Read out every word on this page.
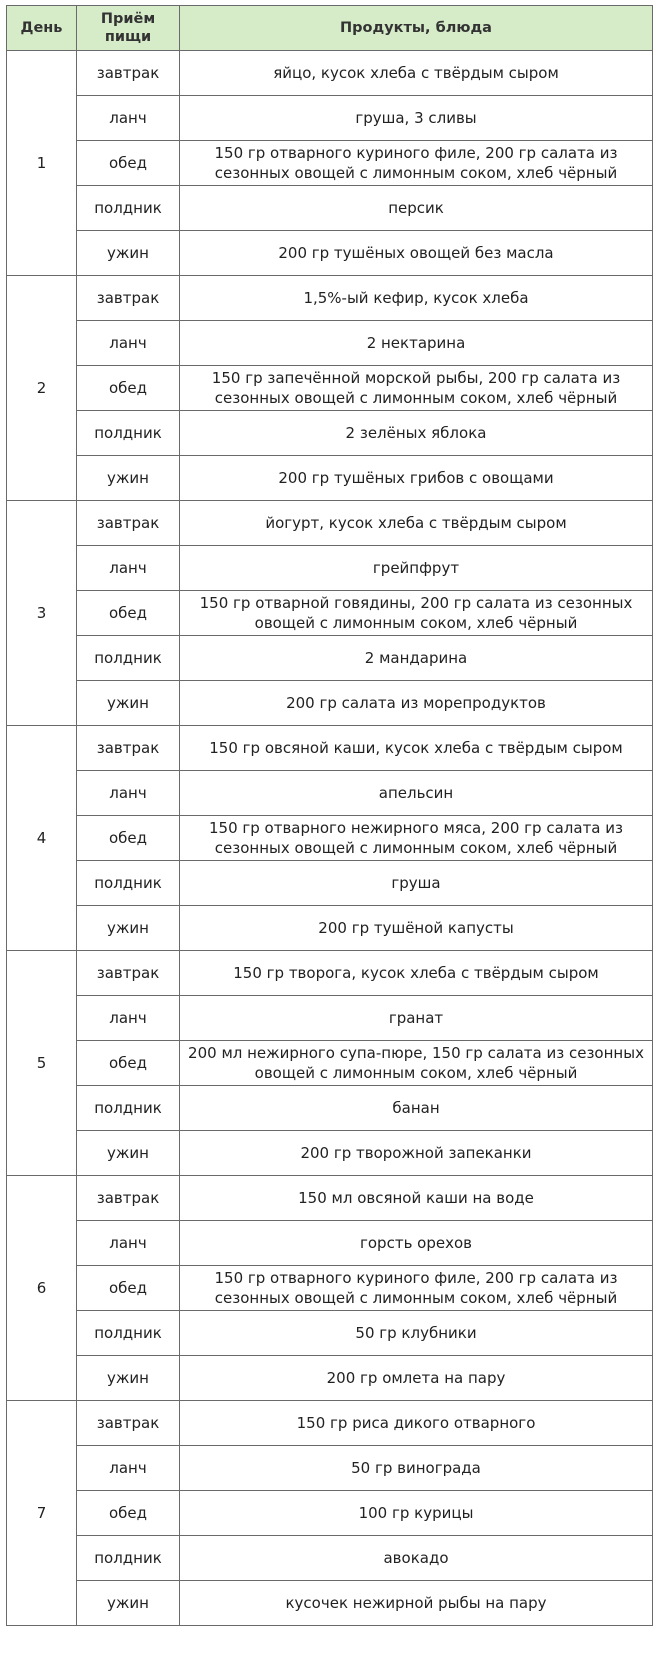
День	Приём пищи	Продукты, блюда
1	завтрак	яйцо, кусок хлеба с твёрдым сыром
	ланч	груша, 3 сливы
	обед	150 гр отварного куриного филе, 200 гр салата из сезонных овощей с лимонным соком, хлеб чёрный
	полдник	персик
	ужин	200 гр тушёных овощей без масла
2	завтрак	1,5%-ый кефир, кусок хлеба
	ланч	2 нектарина
	обед	150 гр запечённой морской рыбы, 200 гр салата из сезонных овощей с лимонным соком, хлеб чёрный
	полдник	2 зелёных яблока
	ужин	200 гр тушёных грибов с овощами
3	завтрак	йогурт, кусок хлеба с твёрдым сыром
	ланч	грейпфрут
	обед	150 гр отварной говядины, 200 гр салата из сезонных овощей с лимонным соком, хлеб чёрный
	полдник	2 мандарина
	ужин	200 гр салата из морепродуктов
4	завтрак	150 гр овсяной каши, кусок хлеба с твёрдым сыром
	ланч	апельсин
	обед	150 гр отварного нежирного мяса, 200 гр салата из сезонных овощей с лимонным соком, хлеб чёрный
	полдник	груша
	ужин	200 гр тушёной капусты
5	завтрак	150 гр творога, кусок хлеба с твёрдым сыром
	ланч	гранат
	обед	200 мл нежирного супа-пюре, 150 гр салата из сезонных овощей с лимонным соком, хлеб чёрный
	полдник	банан
	ужин	200 гр творожной запеканки
6	завтрак	150 мл овсяной каши на воде
	ланч	горсть орехов
	обед	150 гр отварного куриного филе, 200 гр салата из сезонных овощей с лимонным соком, хлеб чёрный
	полдник	50 гр клубники
	ужин	200 гр омлета на пару
7	завтрак	150 гр риса дикого отварного
	ланч	50 гр винограда
	обед	100 гр курицы
	полдник	авокадо
	ужин	кусочек нежирной рыбы на пару
